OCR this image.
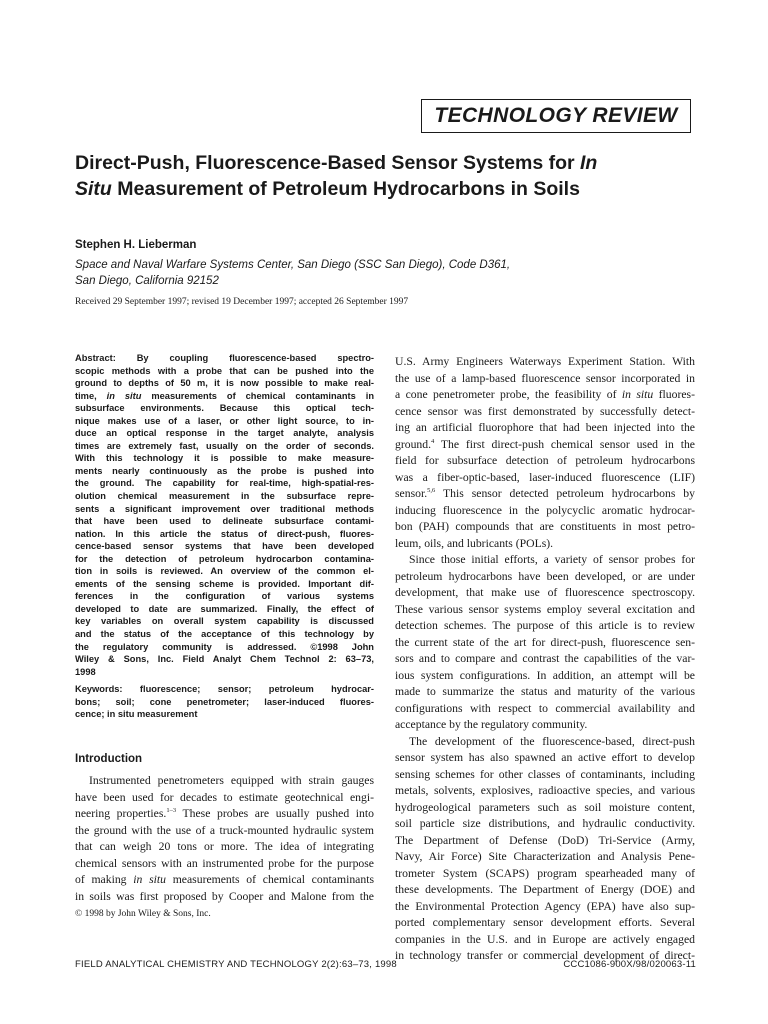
TECHNOLOGY REVIEW
Direct-Push, Fluorescence-Based Sensor Systems for In
Situ Measurement of Petroleum Hydrocarbons in Soils
Stephen H. Lieberman
Space and Naval Warfare Systems Center, San Diego (SSC San Diego), Code D361,
San Diego, California 92152
Received 29 September 1997; revised 19 December 1997; accepted 26 September 1997
Abstract: By coupling fluorescence-based spectro-
scopic methods with a probe that can be pushed into the
ground to depths of 50 m, it is now possible to make real-
time, in situ measurements of chemical contaminants in
subsurface environments. Because this optical tech-
nique makes use of a laser, or other light source, to in-
duce an optical response in the target analyte, analysis
times are extremely fast, usually on the order of seconds.
With this technology it is possible to make measure-
ments nearly continuously as the probe is pushed into
the ground. The capability for real-time, high-spatial-res-
olution chemical measurement in the subsurface repre-
sents a significant improvement over traditional methods
that have been used to delineate subsurface contami-
nation. In this article the status of direct-push, fluores-
cence-based sensor systems that have been developed
for the detection of petroleum hydrocarbon contamina-
tion in soils is reviewed. An overview of the common el-
ements of the sensing scheme is provided. Important dif-
ferences in the configuration of various systems
developed to date are summarized. Finally, the effect of
key variables on overall system capability is discussed
and the status of the acceptance of this technology by
the regulatory community is addressed. ©1998 John
Wiley & Sons, Inc. Field Analyt Chem Technol 2: 63–73,
1998
Keywords: fluorescence; sensor; petroleum hydrocar-
bons; soil; cone penetrometer; laser-induced fluores-
cence; in situ measurement
Introduction
Instrumented penetrometers equipped with strain gauges
have been used for decades to estimate geotechnical engi-
neering properties.$^{1-3}$ These probes are usually pushed into
the ground with the use of a truck-mounted hydraulic system
that can weigh 20 tons or more. The idea of integrating
chemical sensors with an instrumented probe for the purpose
of making in situ measurements of chemical contaminants
in soils was first proposed by Cooper and Malone from the
© 1998 by John Wiley & Sons, Inc.
U.S. Army Engineers Waterways Experiment Station. With
the use of a lamp-based fluorescence sensor incorporated in
a cone penetrometer probe, the feasibility of in situ fluores-
cence sensor was first demonstrated by successfully detect-
ing an artificial fluorophore that had been injected into the
ground.$^4$ The first direct-push chemical sensor used in the
field for subsurface detection of petroleum hydrocarbons
was a fiber-optic-based, laser-induced fluorescence (LIF)
sensor.$^{5,6}$ This sensor detected petroleum hydrocarbons by
inducing fluorescence in the polycyclic aromatic hydrocar-
bon (PAH) compounds that are constituents in most petro-
leum, oils, and lubricants (POLs).
Since those initial efforts, a variety of sensor probes for
petroleum hydrocarbons have been developed, or are under
development, that make use of fluorescence spectroscopy.
These various sensor systems employ several excitation and
detection schemes. The purpose of this article is to review
the current state of the art for direct-push, fluorescence sen-
sors and to compare and contrast the capabilities of the var-
ious system configurations. In addition, an attempt will be
made to summarize the status and maturity of the various
configurations with respect to commercial availability and
acceptance by the regulatory community.
The development of the fluorescence-based, direct-push
sensor system has also spawned an active effort to develop
sensing schemes for other classes of contaminants, including
metals, solvents, explosives, radioactive species, and various
hydrogeological parameters such as soil moisture content,
soil particle size distributions, and hydraulic conductivity.
The Department of Defense (DoD) Tri-Service (Army,
Navy, Air Force) Site Characterization and Analysis Pene-
trometer System (SCAPS) program spearheaded many of
these developments. The Department of Energy (DOE) and
the Environmental Protection Agency (EPA) have also sup-
ported complementary sensor development efforts. Several
companies in the U.S. and in Europe are actively engaged
in technology transfer or commercial development of direct-
FIELD ANALYTICAL CHEMISTRY AND TECHNOLOGY 2(2):63–73, 1998	CCC1086-900X/98/020063-11
